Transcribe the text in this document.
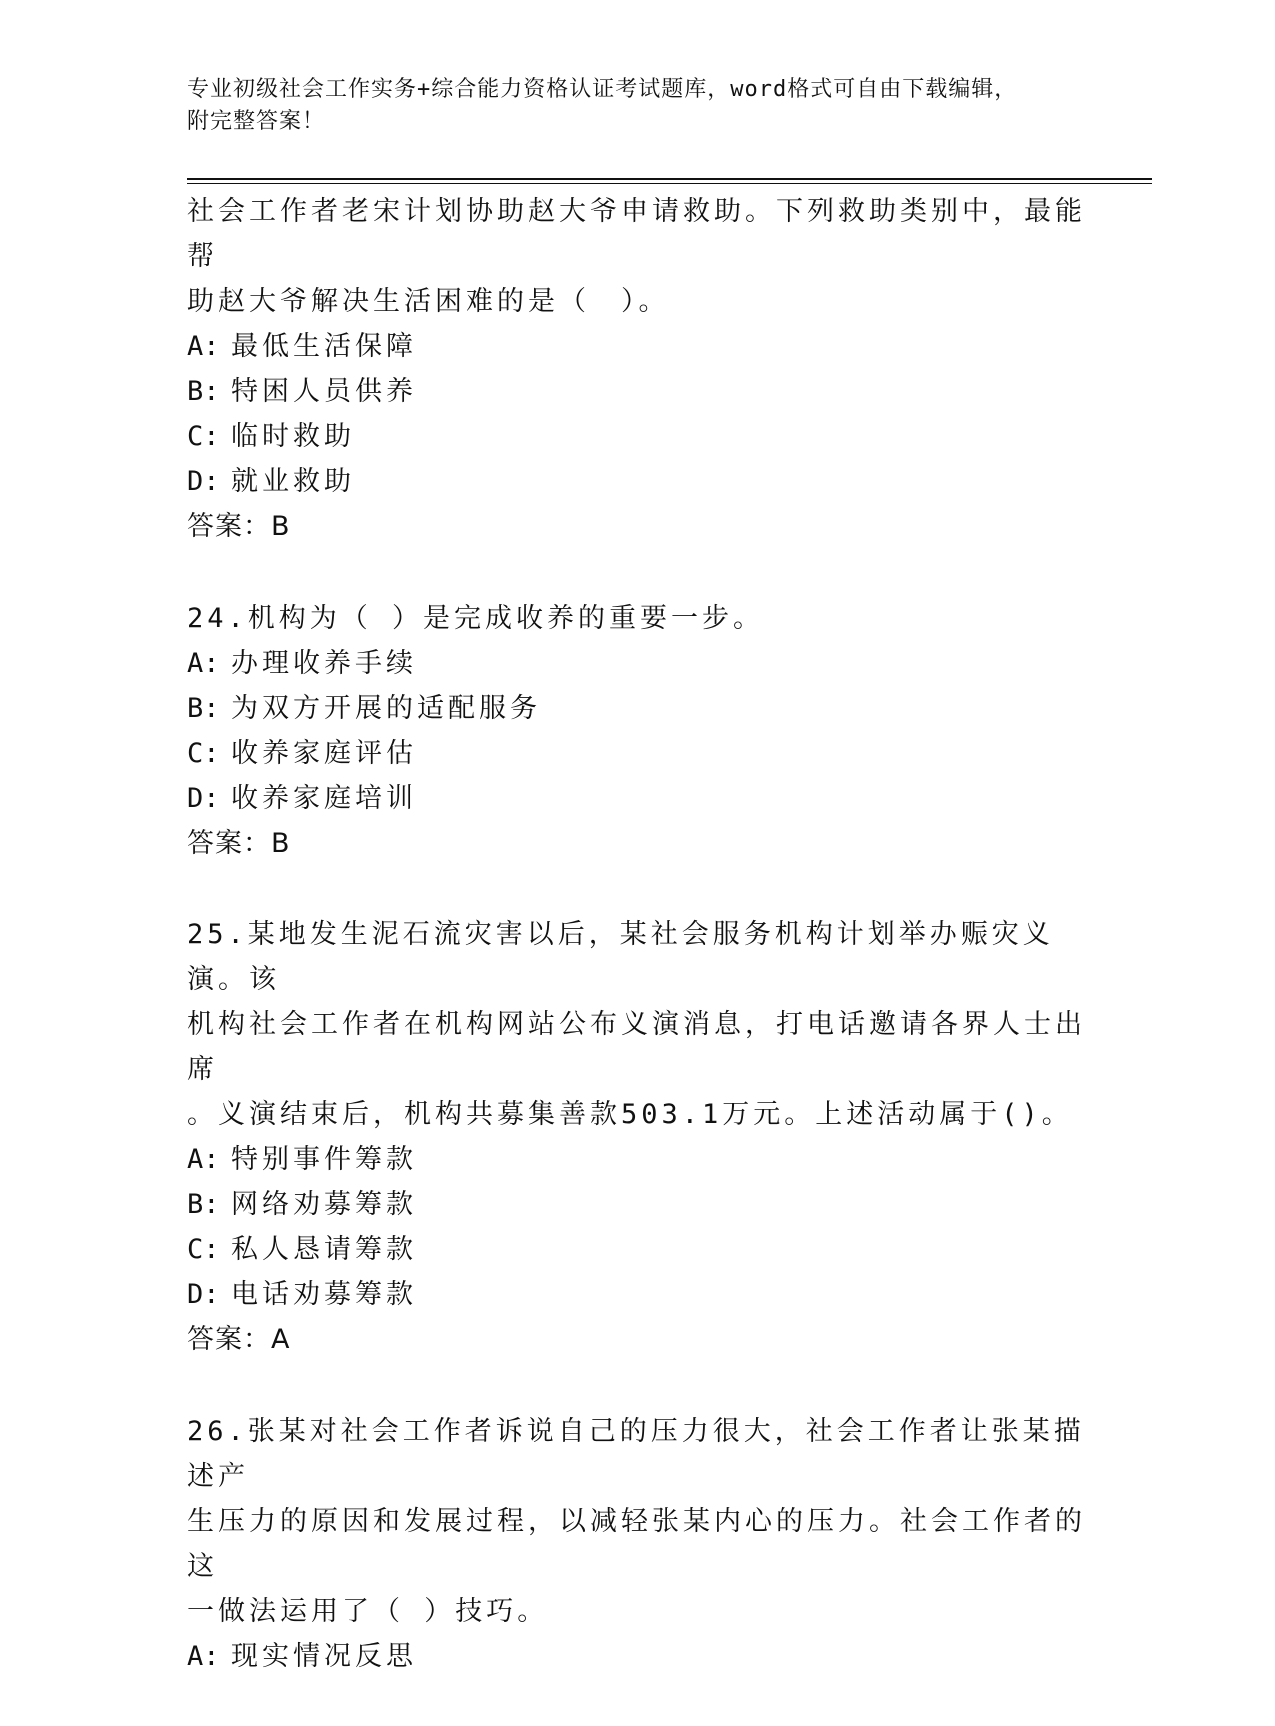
专业初级社会工作实务+综合能力资格认证考试题库，word格式可自由下载编辑，
附完整答案！
社会工作者老宋计划协助赵大爷申请救助。下列救助类别中，最能帮
助赵大爷解决生活困难的是（　）。
A: 最低生活保障
B: 特困人员供养
C: 临时救助
D: 就业救助
答案：B
24.机构为（ ）是完成收养的重要一步。
A: 办理收养手续
B: 为双方开展的适配服务
C: 收养家庭评估
D: 收养家庭培训
答案：B
25.某地发生泥石流灾害以后，某社会服务机构计划举办赈灾义演。该
机构社会工作者在机构网站公布义演消息，打电话邀请各界人士出席
。义演结束后，机构共募集善款503.1万元。上述活动属于()。
A: 特别事件筹款
B: 网络劝募筹款
C: 私人恳请筹款
D: 电话劝募筹款
答案：A
26.张某对社会工作者诉说自己的压力很大，社会工作者让张某描述产
生压力的原因和发展过程，以减轻张某内心的压力。社会工作者的这
一做法运用了（ ）技巧。
A: 现实情况反思
